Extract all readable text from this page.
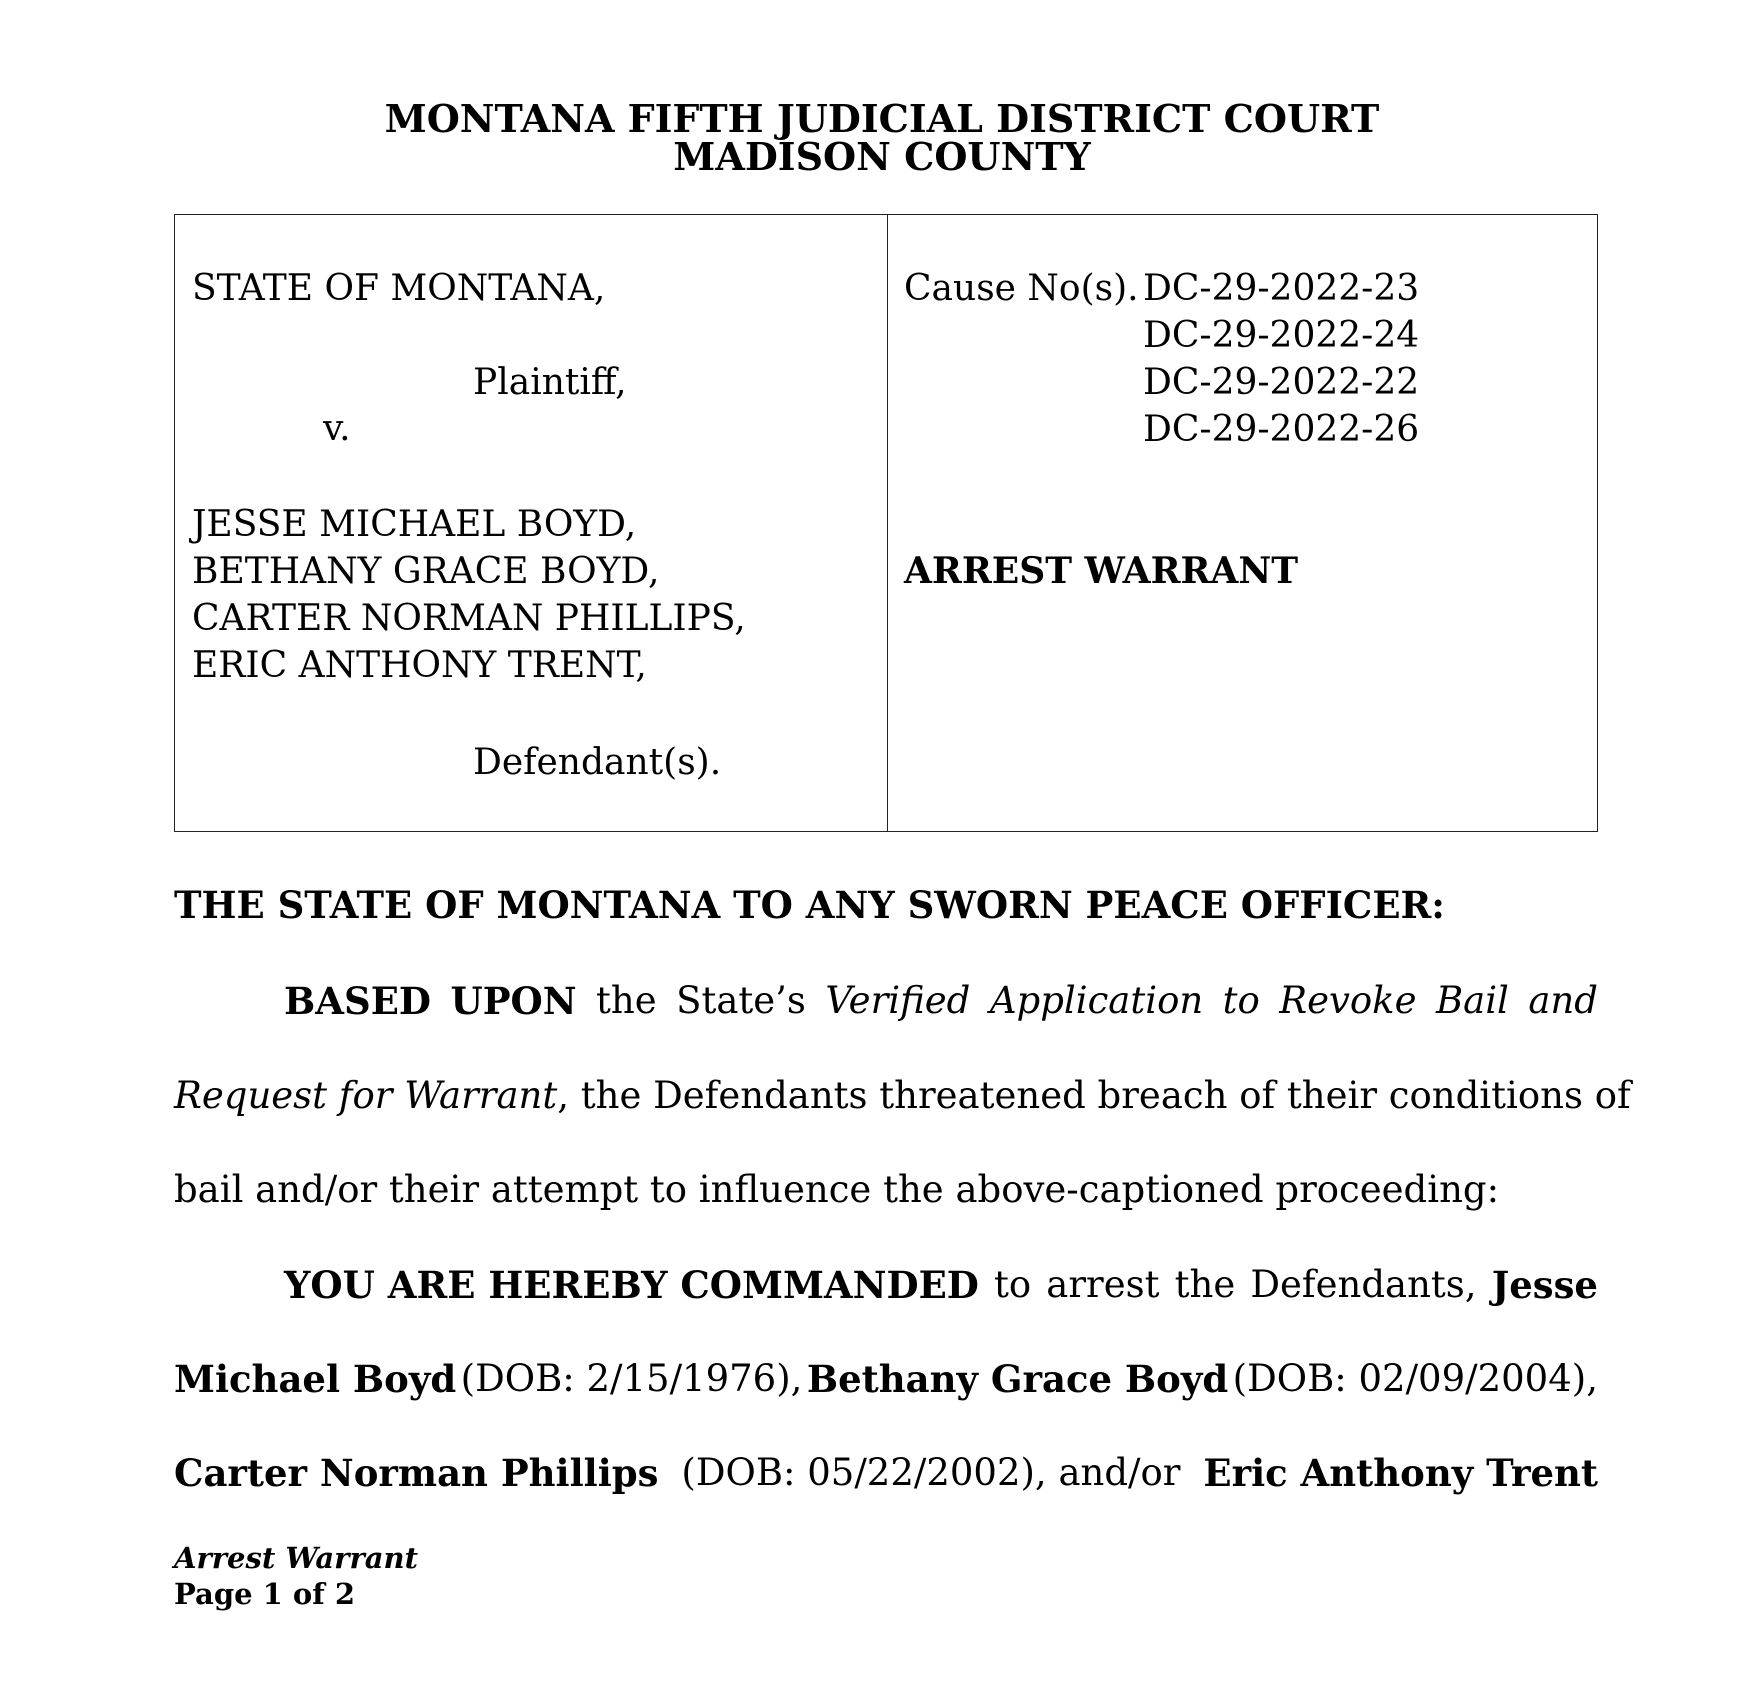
MONTANA FIFTH JUDICIAL DISTRICT COURT
MADISON COUNTY
STATE OF MONTANA,
Plaintiff,
v.
JESSE MICHAEL BOYD,
BETHANY GRACE BOYD,
CARTER NORMAN PHILLIPS,
ERIC ANTHONY TRENT,
Defendant(s).
Cause No(s). DC-29-2022-23
DC-29-2022-24
DC-29-2022-22
DC-29-2022-26
ARREST WARRANT
THE STATE OF MONTANA TO ANY SWORN PEACE OFFICER:
BASED UPON the State’s Verified Application to Revoke Bail and
Request for Warrant , the Defendants threatened breach of their conditions of
bail and/or their attempt to influence the above-captioned proceeding:
YOU ARE HEREBY COMMANDED to arrest the Defendants, Jesse
Michael Boyd (DOB: 2/15/1976), Bethany Grace Boyd (DOB: 02/09/2004),
Carter Norman Phillips (DOB: 05/22/2002), and/or Eric Anthony Trent
Arrest Warrant
Page 1 of 2
